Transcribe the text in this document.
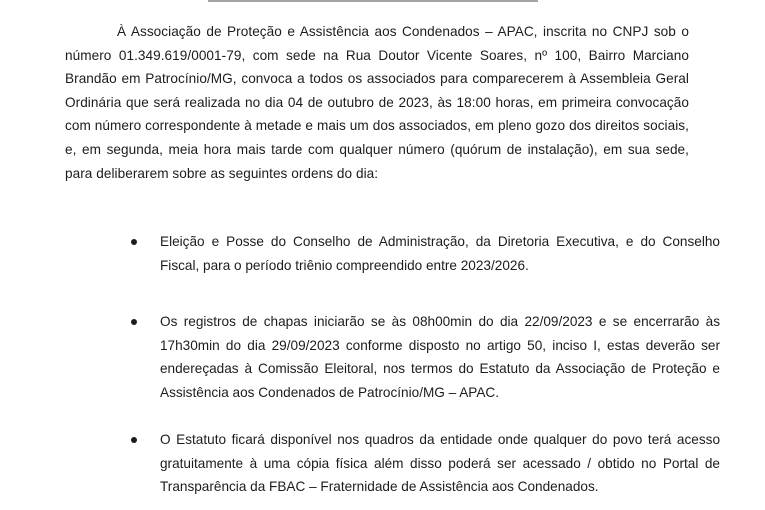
À Associação de Proteção e Assistência aos Condenados – APAC, inscrita no CNPJ sob o número 01.349.619/0001-79, com sede na Rua Doutor Vicente Soares, nº 100, Bairro Marciano Brandão em Patrocínio/MG, convoca a todos os associados para comparecerem à Assembleia Geral Ordinária que será realizada no dia 04 de outubro de 2023, às 18:00 horas, em primeira convocação com número correspondente à metade e mais um dos associados, em pleno gozo dos direitos sociais, e, em segunda, meia hora mais tarde com qualquer número (quórum de instalação), em sua sede, para deliberarem sobre as seguintes ordens do dia:

Eleição e Posse do Conselho de Administração, da Diretoria Executiva, e do Conselho Fiscal, para o período triênio compreendido entre 2023/2026.
Os registros de chapas iniciarão se às 08h00min do dia 22/09/2023 e se encerrarão às 17h30min do dia 29/09/2023 conforme disposto no artigo 50, inciso I, estas deverão ser endereçadas à Comissão Eleitoral, nos termos do Estatuto da Associação de Proteção e Assistência aos Condenados de Patrocínio/MG – APAC.
O Estatuto ficará disponível nos quadros da entidade onde qualquer do povo terá acesso gratuitamente à uma cópia física além disso poderá ser acessado / obtido no Portal de Transparência da FBAC – Fraternidade de Assistência aos Condenados.
